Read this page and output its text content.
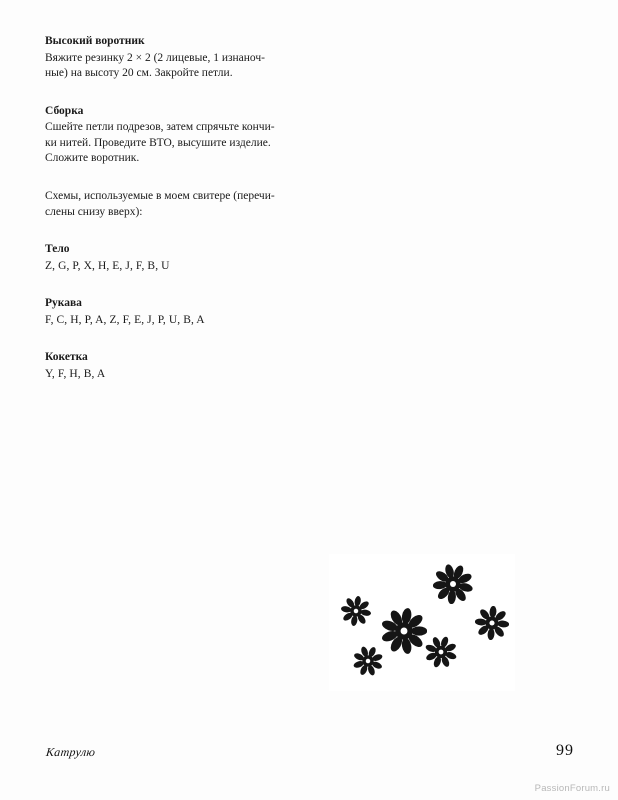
Высокий воротник

Вяжите резинку 2 × 2 (2 лицевые, 1 изнаноч-
ные) на высоту 20 см. Закройте петли.

Сборка

Сшейте петли подрезов, затем спрячьте кончи-
ки нитей. Проведите ВТО, высушите изделие.
Сложите воротник.

Схемы, используемые в моем свитере (перечи-
слены снизу вверх):

Тело

Z, G, P, X, H, E, J, F, B, U

Рукава

F, C, H, P, A, Z, F, E, J, P, U, B, A

Кокетка

Y, F, H, B, A

Катрулю	99
PassionForum.ru
